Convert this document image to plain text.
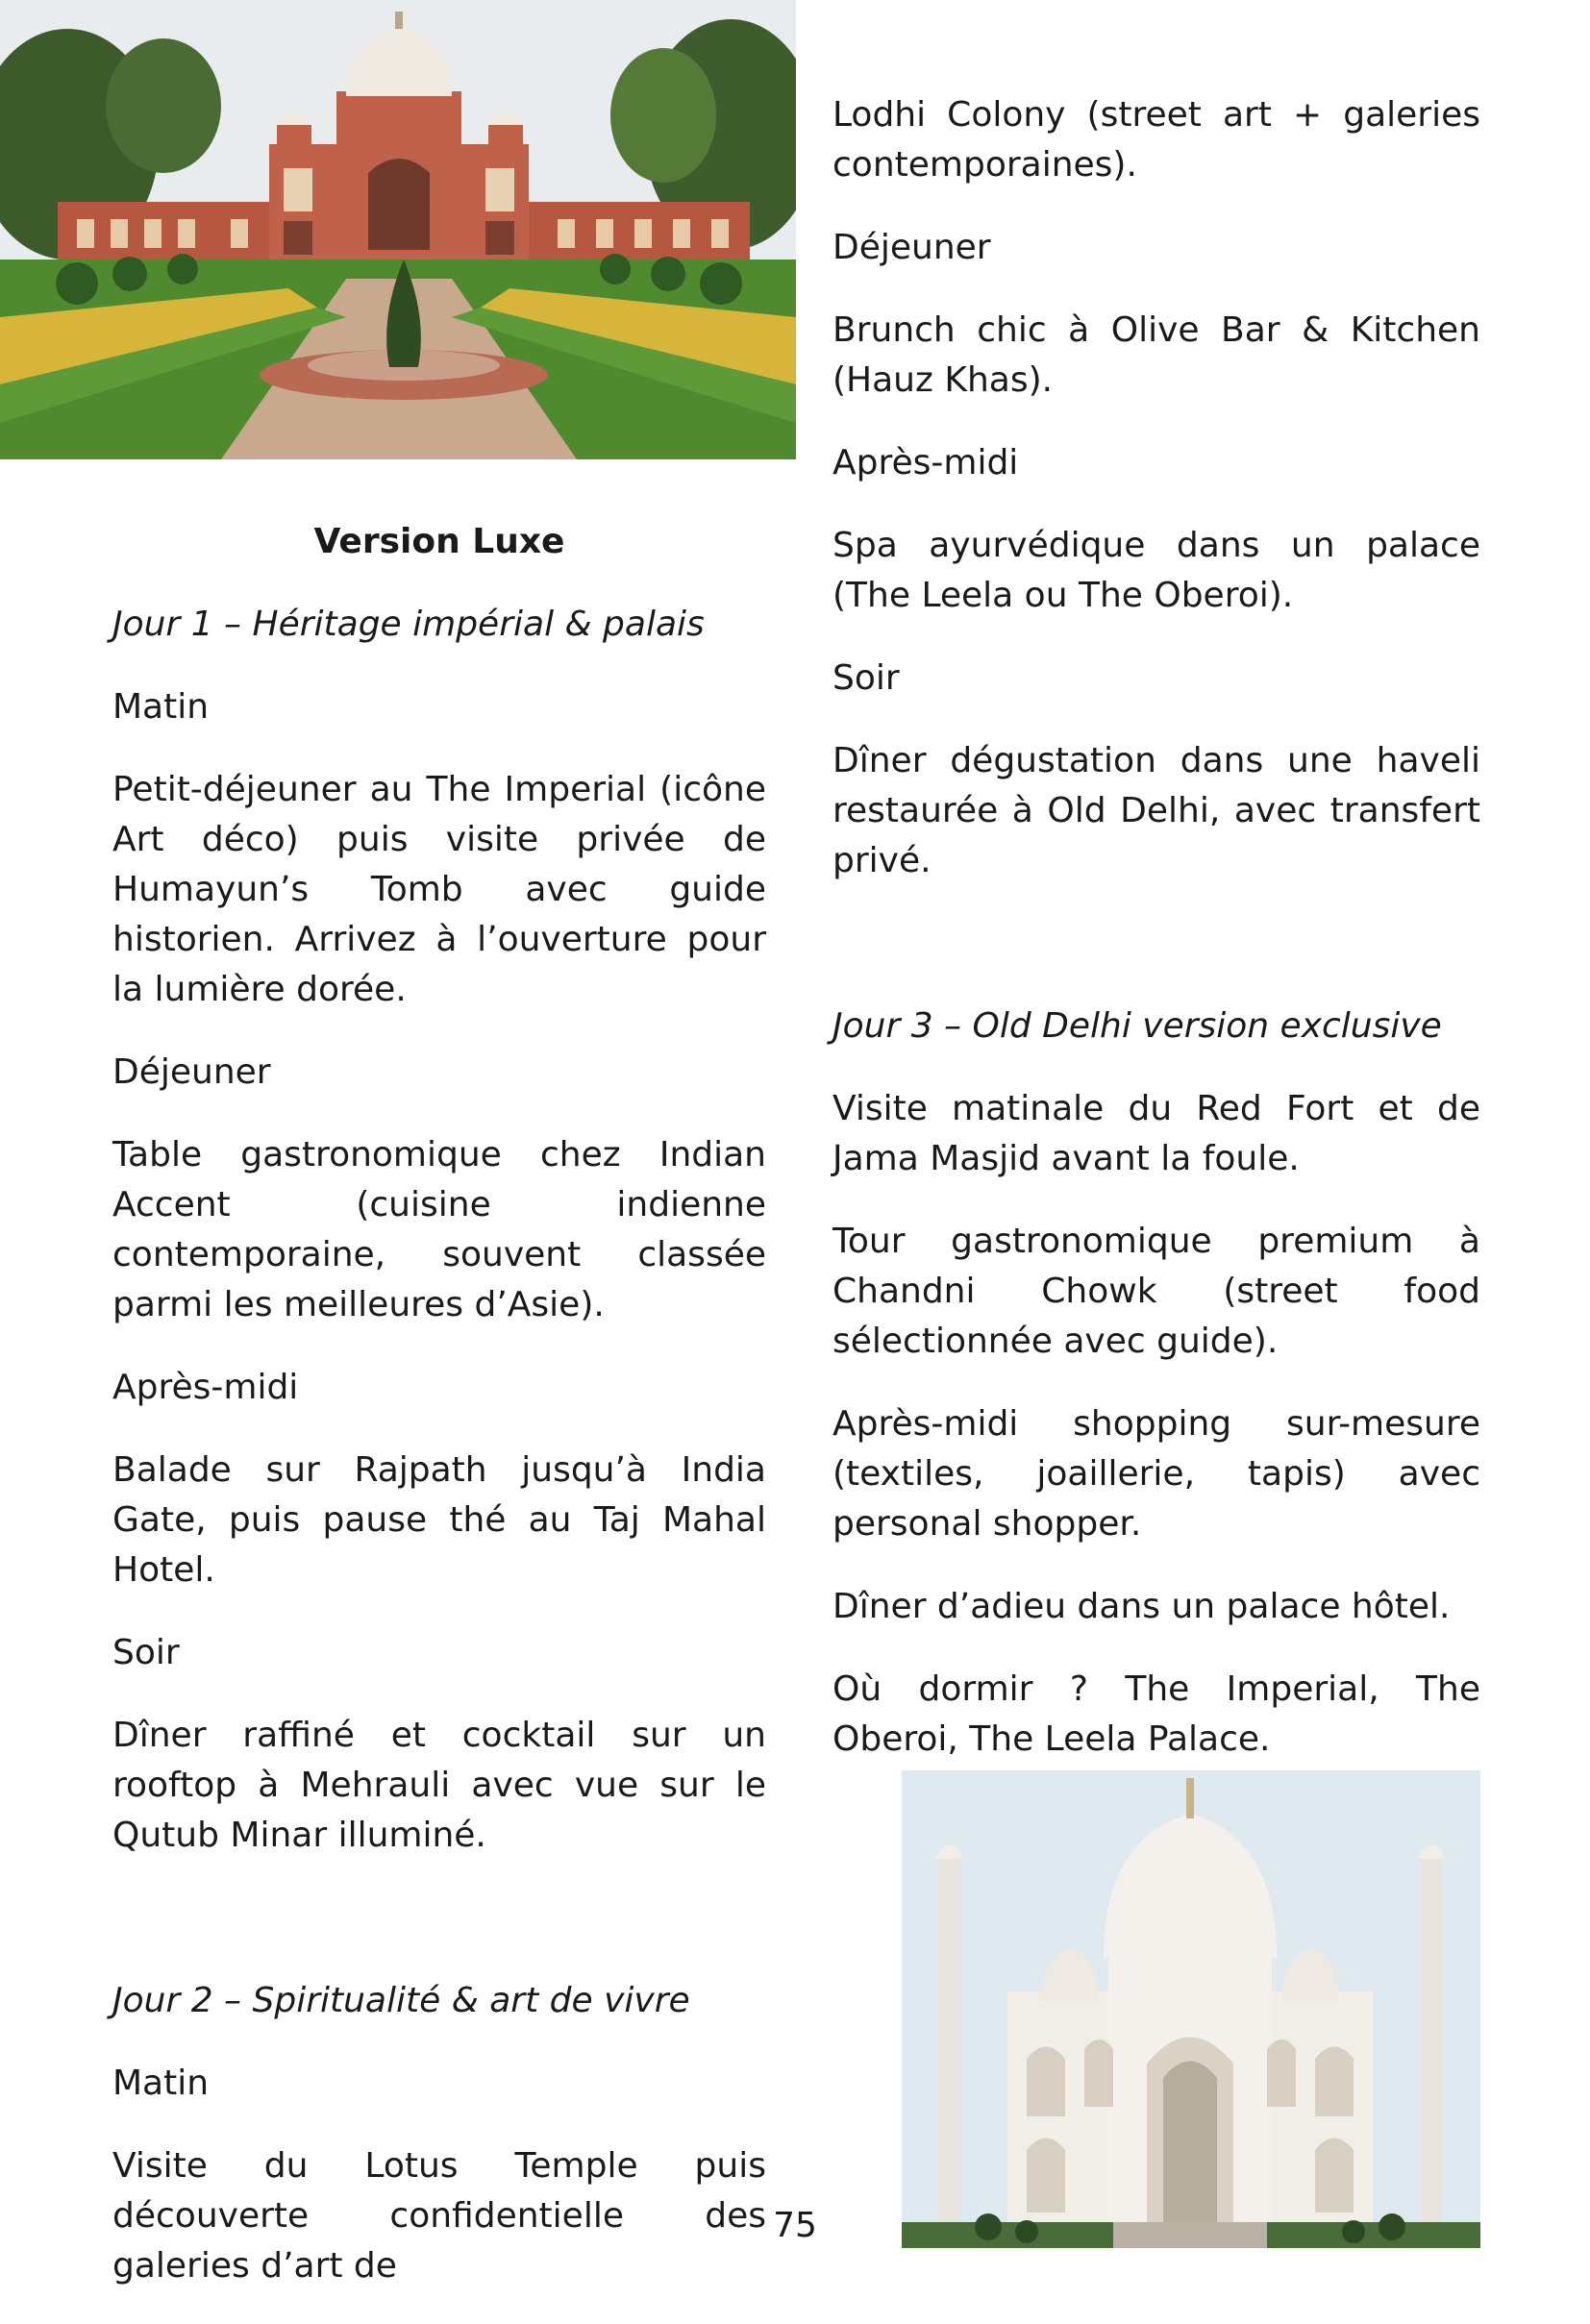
Version Luxe

Jour 1 – Héritage impérial & palais

Matin

Petit-déjeuner au The Imperial (icône Art déco) puis visite privée de Humayun’s Tomb avec guide historien. Arrivez à l’ouverture pour la lumière dorée.

Déjeuner

Table gastronomique chez Indian Accent (cuisine indienne contemporaine, souvent classée parmi les meilleures d’Asie).

Après-midi

Balade sur Rajpath jusqu’à India Gate, puis pause thé au Taj Mahal Hotel.

Soir

Dîner raffiné et cocktail sur un rooftop à Mehrauli avec vue sur le Qutub Minar illuminé.

Jour 2 – Spiritualité & art de vivre

Matin

Visite du Lotus Temple puis découverte confidentielle des galeries d’art de

Lodhi Colony (street art + galeries contemporaines).

Déjeuner

Brunch chic à Olive Bar & Kitchen (Hauz Khas).

Après-midi

Spa ayurvédique dans un palace (The Leela ou The Oberoi).

Soir

Dîner dégustation dans une haveli restaurée à Old Delhi, avec transfert privé.

Jour 3 – Old Delhi version exclusive

Visite matinale du Red Fort et de Jama Masjid avant la foule.

Tour gastronomique premium à Chandni Chowk (street food sélectionnée avec guide).

Après-midi shopping sur-mesure (textiles, joaillerie, tapis) avec personal shopper.

Dîner d’adieu dans un palace hôtel.

Où dormir ? The Imperial, The Oberoi, The Leela Palace.

75
